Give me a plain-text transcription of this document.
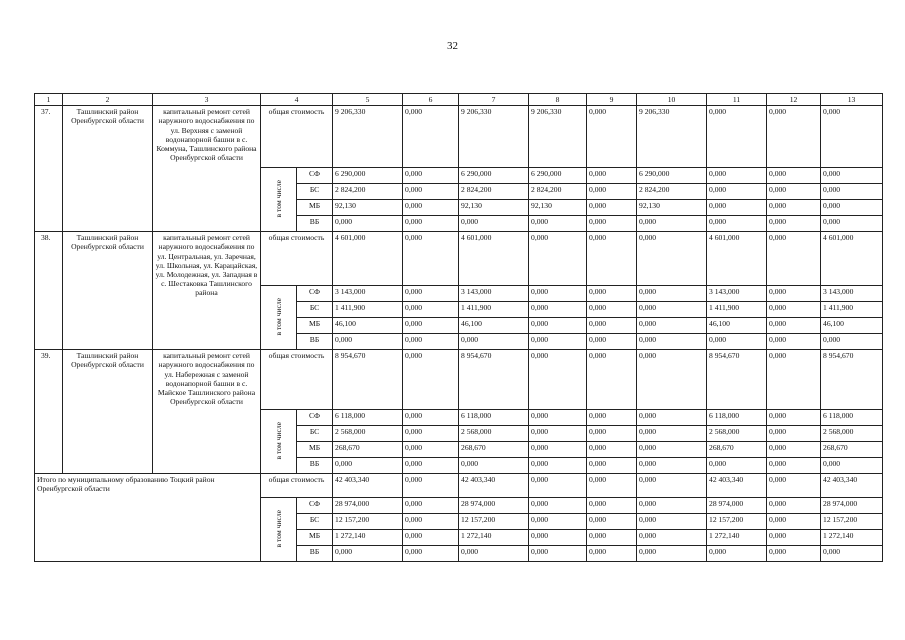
32
1	2	3	4		5	6	7	8	9	10	11	12	13
37.	Ташлинский район Оренбургской области	капитальный ремонт сетей наружного водоснабжения по ул. Верхняя с заменой водонапорной башни в с. Коммуна, Ташлинского района Оренбургской области	общая стоимость		9 206,330	0,000	9 206,330	9 206,330	0,000	9 206,330	0,000	0,000	0,000
			в том числе	СФ	6 290,000	0,000	6 290,000	6 290,000	0,000	6 290,000	0,000	0,000	0,000
				БС	2 824,200	0,000	2 824,200	2 824,200	0,000	2 824,200	0,000	0,000	0,000
				МБ	92,130	0,000	92,130	92,130	0,000	92,130	0,000	0,000	0,000
				ВБ	0,000	0,000	0,000	0,000	0,000	0,000	0,000	0,000	0,000
38.	Ташлинский район Оренбургской области	капитальный ремонт сетей наружного водоснабжения по ул. Центральная, ул. Заречная, ул. Школьная, ул. Карацайская, ул. Молодежная, ул. Западная в с. Шестаковка Ташлинского района	общая стоимость		4 601,000	0,000	4 601,000	0,000	0,000	0,000	4 601,000	0,000	4 601,000
			в том числе	СФ	3 143,000	0,000	3 143,000	0,000	0,000	0,000	3 143,000	0,000	3 143,000
				БС	1 411,900	0,000	1 411,900	0,000	0,000	0,000	1 411,900	0,000	1 411,900
				МБ	46,100	0,000	46,100	0,000	0,000	0,000	46,100	0,000	46,100
				ВБ	0,000	0,000	0,000	0,000	0,000	0,000	0,000	0,000	0,000
39.	Ташлинский район Оренбургской области	капитальный ремонт сетей наружного водоснабжения по ул. Набережная с заменой водонапорной башни в с. Майское Ташлинского района Оренбургской области	общая стоимость		8 954,670	0,000	8 954,670	0,000	0,000	0,000	8 954,670	0,000	8 954,670
			в том числе	СФ	6 118,000	0,000	6 118,000	0,000	0,000	0,000	6 118,000	0,000	6 118,000
				БС	2 568,000	0,000	2 568,000	0,000	0,000	0,000	2 568,000	0,000	2 568,000
				МБ	268,670	0,000	268,670	0,000	0,000	0,000	268,670	0,000	268,670
				ВБ	0,000	0,000	0,000	0,000	0,000	0,000	0,000	0,000	0,000
Итого по муниципальному образованию Тоцкий район Оренбургской области			общая стоимость		42 403,340	0,000	42 403,340	0,000	0,000	0,000	42 403,340	0,000	42 403,340
			в том числе	СФ	28 974,000	0,000	28 974,000	0,000	0,000	0,000	28 974,000	0,000	28 974,000
				БС	12 157,200	0,000	12 157,200	0,000	0,000	0,000	12 157,200	0,000	12 157,200
				МБ	1 272,140	0,000	1 272,140	0,000	0,000	0,000	1 272,140	0,000	1 272,140
				ВБ	0,000	0,000	0,000	0,000	0,000	0,000	0,000	0,000	0,000
